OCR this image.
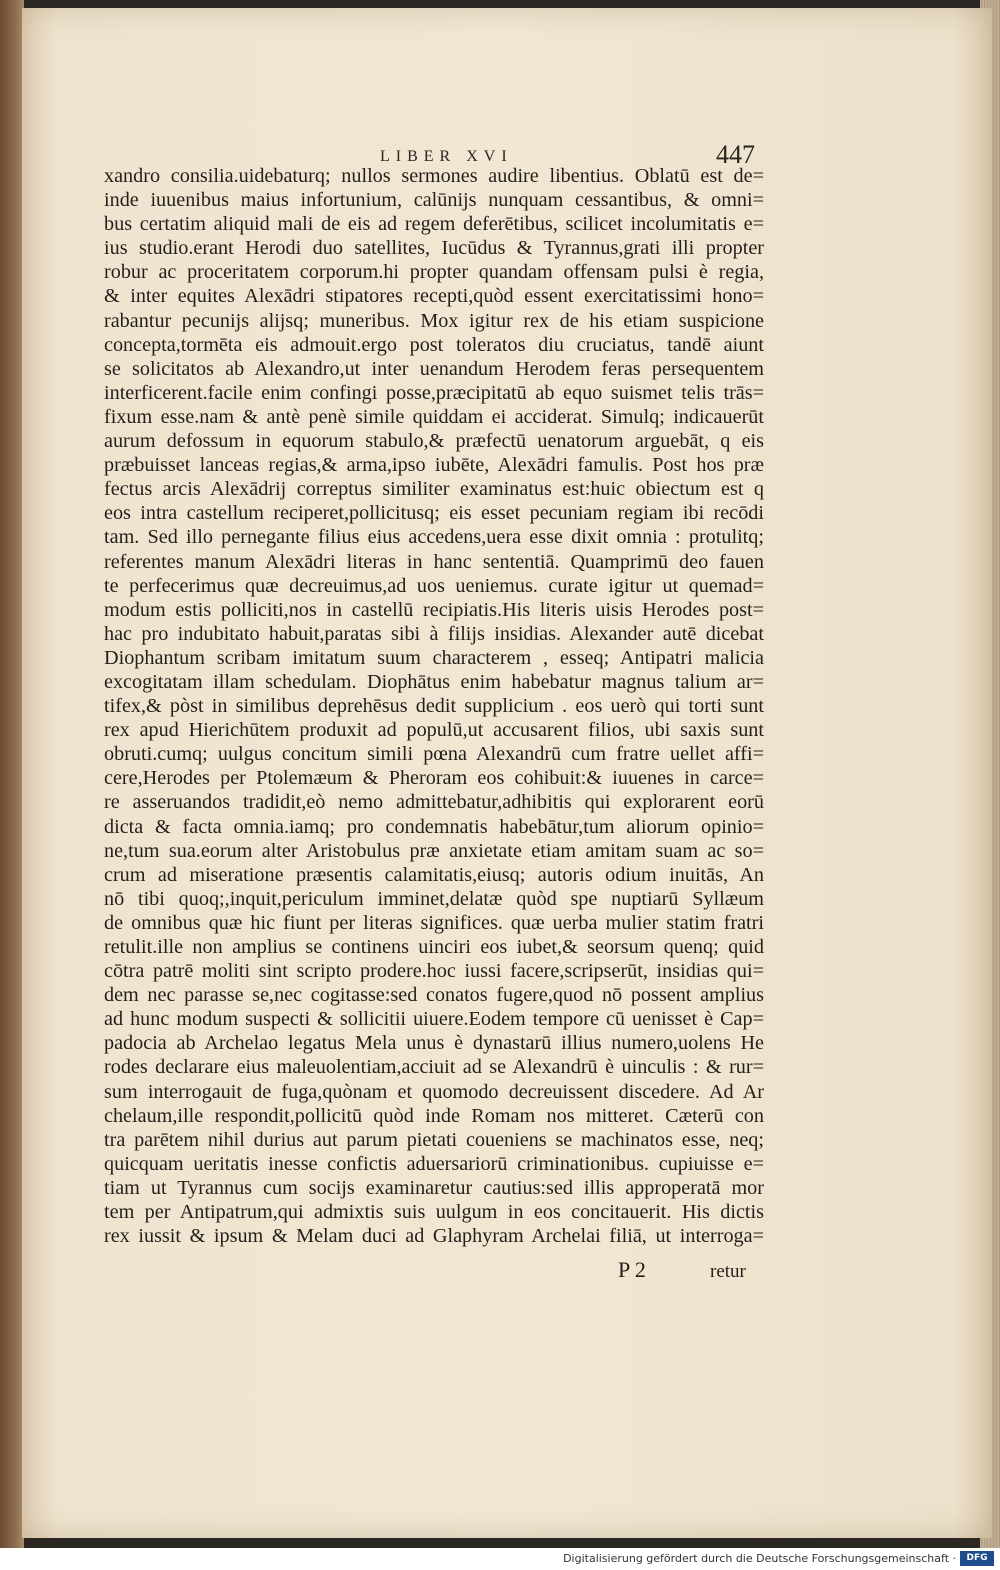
LIBER XVI	447
xandro consilia.uidebaturq; nullos sermones audire libentius. Oblatū est de=
inde iuuenibus maius infortunium, calūnijs nunquam cessantibus, & omni=
bus certatim aliquid mali de eis ad regem deferētibus, scilicet incolumitatis e=
ius studio.erant Herodi duo satellites, Iucūdus & Tyrannus,grati illi propter
robur ac proceritatem corporum.hi propter quandam offensam pulsi è regia,
& inter equites Alexādri stipatores recepti,quòd essent exercitatissimi hono=
rabantur pecunijs alijsq; muneribus. Mox igitur rex de his etiam suspicione
concepta,tormēta eis admouit.ergo post toleratos diu cruciatus, tandē aiunt
se solicitatos ab Alexandro,ut inter uenandum Herodem feras persequentem
interficerent.facile enim confingi posse,præcipitatū ab equo suismet telis trās=
fixum esse.nam & antè penè simile quiddam ei acciderat. Simulq; indicauerūt
aurum defossum in equorum stabulo,& præfectū uenatorum arguebāt, q eis
præbuisset lanceas regias,& arma,ipso iubēte, Alexādri famulis. Post hos præ
fectus arcis Alexādrij correptus similiter examinatus est:huic obiectum est q
eos intra castellum reciperet,pollicitusq; eis esset pecuniam regiam ibi recōdi
tam. Sed illo pernegante filius eius accedens,uera esse dixit omnia : protulitq;
referentes manum Alexādri literas in hanc sententiā. Quamprimū deo fauen
te perfecerimus quæ decreuimus,ad uos ueniemus. curate igitur ut quemad=
modum estis polliciti,nos in castellū recipiatis.His literis uisis Herodes post=
hac pro indubitato habuit,paratas sibi à filijs insidias. Alexander autē dicebat
Diophantum scribam imitatum suum characterem , esseq; Antipatri malicia
excogitatam illam schedulam. Diophātus enim habebatur magnus talium ar=
tifex,& pòst in similibus deprehēsus dedit supplicium . eos uerò qui torti sunt
rex apud Hierichūtem produxit ad populū,ut accusarent filios, ubi saxis sunt
obruti.cumq; uulgus concitum simili pœna Alexandrū cum fratre uellet affi=
cere,Herodes per Ptolemæum & Pheroram eos cohibuit:& iuuenes in carce=
re asseruandos tradidit,eò nemo admittebatur,adhibitis qui explorarent eorū
dicta & facta omnia.iamq; pro condemnatis habebātur,tum aliorum opinio=
ne,tum sua.eorum alter Aristobulus præ anxietate etiam amitam suam ac so=
crum ad miseratione præsentis calamitatis,eiusq; autoris odium inuitās, An
nō tibi quoq;,inquit,periculum imminet,delatæ quòd spe nuptiarū Syllæum
de omnibus quæ hic fiunt per literas significes. quæ uerba mulier statim fratri
retulit.ille non amplius se continens uinciri eos iubet,& seorsum quenq; quid
cōtra patrē moliti sint scripto prodere.hoc iussi facere,scripserūt, insidias qui=
dem nec parasse se,nec cogitasse:sed conatos fugere,quod nō possent amplius
ad hunc modum suspecti & sollicitii uiuere.Eodem tempore cū uenisset è Cap=
padocia ab Archelao legatus Mela unus è dynastarū illius numero,uolens He
rodes declarare eius maleuolentiam,acciuit ad se Alexandrū è uinculis : & rur=
sum interrogauit de fuga,quònam et quomodo decreuissent discedere. Ad Ar
chelaum,ille respondit,pollicitū quòd inde Romam nos mitteret. Cæterū con
tra parētem nihil durius aut parum pietati coueniens se machinatos esse, neq;
quicquam ueritatis inesse confictis aduersariorū criminationibus. cupiuisse e=
tiam ut Tyrannus cum socijs examinaretur cautius:sed illis approperatā mor
tem per Antipatrum,qui admixtis suis uulgum in eos concitauerit. His dictis
rex iussit & ipsum & Melam duci ad Glaphyram Archelai filiā, ut interroga=
P 2	retur
Digitalisierung gefördert durch die Deutsche Forschungsgemeinschaft ·	DFG
